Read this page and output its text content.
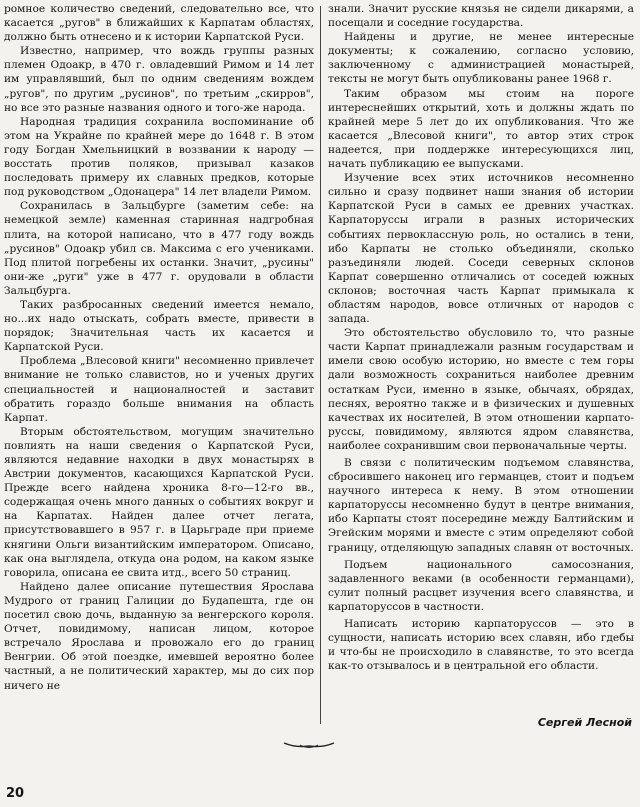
ромное количество сведений, следовательно все, что касается „ругов" в ближайших к Карпатам областях, должно быть отнесено и к истории Карпатской Руси.

Известно, например, что вождь группы разных племен Одоакр, в 470 г. овладевший Римом и 14 лет им управлявший, был по одним сведениям вождем „ругов", по другим „русинов", по третьим „скирров", но все это разные названия одного и того-же народа.

Народная традиция сохранила воспоминание об этом на Украйне по крайней мере до 1648 г. В этом году Богдан Хмельницкий в воззвании к народу — восстать против поляков, призывал казаков последовать примеру их славных предков, которые под руководством „Одонацера" 14 лет владели Римом.

Сохранилась в Зальцбурге (заметим себе: на немецкой земле) каменная старинная надгробная плита, на которой написано, что в 477 году вождь „русинов" Одоакр убил св. Максима с его учениками. Под плитой погребены их останки. Значит, „русины" они-же „руги" уже в 477 г. орудовали в области Зальцбурга.

Таких разбросанных сведений имеется немало, но...их надо отыскать, собрать вместе, привести в порядок; Значительная часть их касается и Карпатской Руси.

Проблема „Влесовой книги" несомненно привлечет внимание не только славистов, но и ученых других специальностей и националностей и заставит обратить гораздо больше внимания на область Карпат.

Вторым обстоятельством, могущим значительно повлиять на наши сведения о Карпатской Руси, являются недавние находки в двух монастырях в Австрии документов, касающихся Карпатской Руси. Прежде всего найдена хроника 8-го—12-го вв., содержащая очень много данных о событиях вокруг и на Карпатах. Найден далее отчет легата, присутствовавшего в 957 г. в Царьграде при приеме княгини Ольги византийским императором. Описано, как она выглядела, откуда она родом, на каком языке говорила, описана ее свита итд., всего 50 страниц.

Найдено далее описание путешествия Ярослава Мудрого от границ Галиции до Будапешта, где он посетил свою дочь, выданную за венгерского короля. Отчет, повидимому, написан лицом, которое встречало Ярослава и провожало его до границ Венгрии. Об этой поездке, имевшей вероятно более частный, а не политический характер, мы до сих пор ничего не

знали. Значит русские князья не сидели дикарями, а посещали и соседние государства.

Найдены и другие, не менее интересные документы; к сожалению, согласно условию, заключенному с администрацией монастырей, тексты не могут быть опубликованы ранее 1968 г.

Таким образом мы стоим на пороге интереснейших открытий, хоть и должны ждать по крайней мере 5 лет до их опубликования. Что же касается „Влесовой книги", то автор этих строк надеется, при поддержке интересующихся лиц, начать публикацию ее выпусками.

Изучение всех этих источников несомненно сильно и сразу подвинет наши знания об истории Карпатской Руси в самых ее древних участках. Карпаторуссы играли в разных исторических событиях первоклассную роль, но остались в тени, ибо Карпаты не столько объединяли, сколько разъединяли людей. Соседи северных склонов Карпат совершенно отличались от соседей южных склонов; восточная часть Карпат примыкала к областям народов, вовсе отличных от народов с запада.

Это обстоятельство обусловило то, что разные части Карпат принадлежали разным государствам и имели свою особую историю, но вместе с тем горы дали возможность сохраниться наиболее древним остаткам Руси, именно в языке, обычаях, обрядах, песнях, вероятно также и в физических и душевных качествах их носителей, В этом отношении карпато-руссы, повидимому, являются ядром славянства, наиболее сохранившим свои первоначальные черты.

В связи с политическим подъемом славянства, сбросившего наконец иго германцев, стоит и подъем научного интереса к нему. В этом отношении карпаторуссы несомненно будут в центре внимания, ибо Карпаты стоят посередине между Балтийским и Эгейским морями и вместе с этим определяют собой границу, отделяющую западных славян от восточных.

Подъем национального самосознания, задавленного веками (в особенности германцами), сулит полный расцвет изучения всего славянства, и карпаторуссов в частности.

Написать историю карпаторуссов — это в сущности, написать историю всех славян, ибо гдебы и что-бы не происходило в славянстве, то это всегда как-то отзывалось и в центральной его области.

Сергей Лесной
20
